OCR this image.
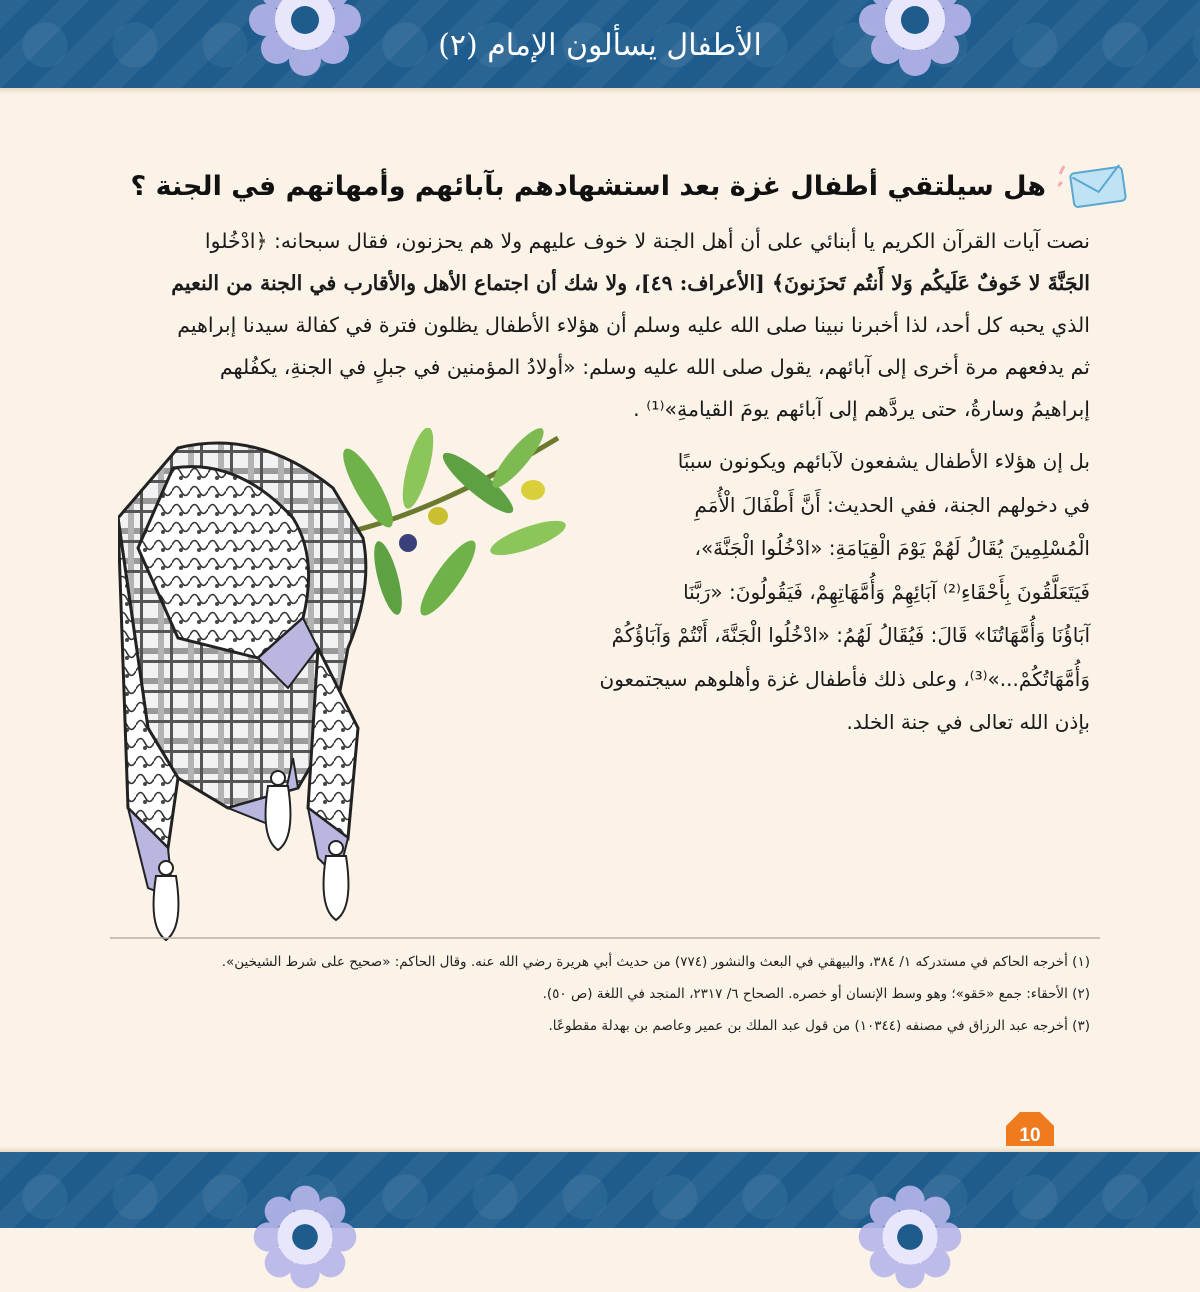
الأطفال يسألون الإمام (٢)
هل سيلتقي أطفال غزة بعد استشهادهم بآبائهم وأمهاتهم في الجنة ؟
نصت آيات القرآن الكريم يا أبنائي على أن أهل الجنة لا خوف عليهم ولا هم يحزنون، فقال سبحانه: ﴿ادْخُلوا
الجَنَّةَ لا خَوفٌ عَلَيكُم وَلا أَنتُم تَحزَنونَ﴾ [الأعراف: ٤٩]، ولا شك أن اجتماع الأهل والأقارب في الجنة من النعيم
الذي يحبه كل أحد، لذا أخبرنا نبينا صلى الله عليه وسلم أن هؤلاء الأطفال يظلون فترة في كفالة سيدنا إبراهيم
ثم يدفعهم مرة أخرى إلى آبائهم، يقول صلى الله عليه وسلم: «أولادُ المؤمنين في جبلٍ في الجنةِ، يكفُلهم
إبراهيمُ وسارةُ، حتى يردَّهم إلى آبائهم يومَ القيامةِ»⁽¹⁾ .
بل إن هؤلاء الأطفال يشفعون لآبائهم ويكونون سببًا
في دخولهم الجنة، ففي الحديث: أَنَّ أَطْفَالَ الْأُمَمِ
الْمُسْلِمِينَ يُقَالُ لَهُمْ يَوْمَ الْقِيَامَةِ: «ادْخُلُوا الْجَنَّةَ»،
فَيَتَعَلَّقُونَ بِأَحْقَاءِ⁽²⁾ آبَائِهِمْ وَأُمَّهَاتِهِمْ، فَيَقُولُونَ: «رَبَّنَا
آبَاؤُنَا وَأُمَّهَاتُنَا» قَالَ: فَيُقَالُ لَهُمُ: «ادْخُلُوا الْجَنَّةَ، أَنْتُمْ وَآبَاؤُكُمْ
وَأُمَّهَاتُكُمْ...»⁽³⁾، وعلى ذلك فأطفال غزة وأهلوهم سيجتمعون
بإذن الله تعالى في جنة الخلد.

(١) أخرجه الحاكم في مستدركه ١/ ٣٨٤، والبيهقي في البعث والنشور (٧٧٤) من حديث أبي هريرة رضي الله عنه. وقال الحاكم: «صحيح على شرط الشيخين».

(٢) الأحقاء: جمع «حَقو»؛ وهو وسط الإنسان أو خصره. الصحاح ٦/ ٢٣١٧، المنجد في اللغة (ص ٥٠).

(٣) أخرجه عبد الرزاق في مصنفه (١٠٣٤٤) من قول عبد الملك بن عمير وعاصم بن بهدلة مقطوعًا.

10
